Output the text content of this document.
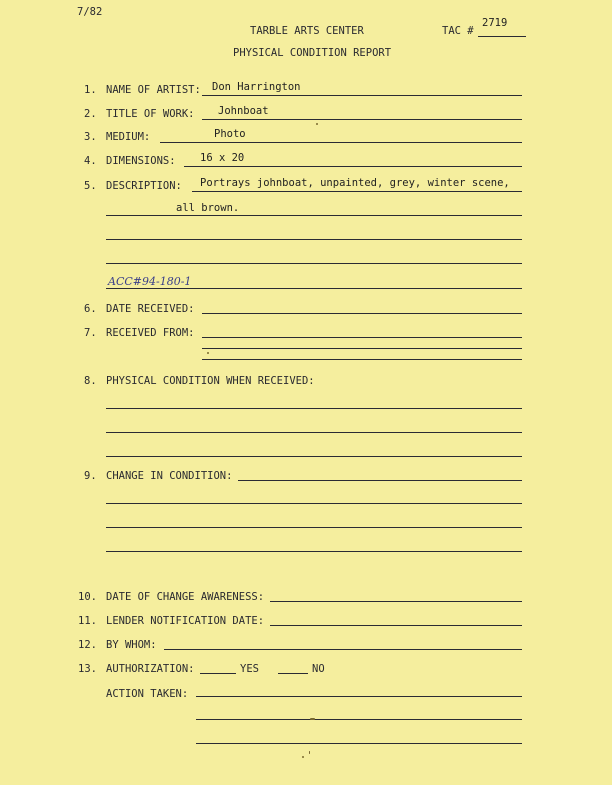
7/82
TARBLE ARTS CENTER	TAC #
2719
PHYSICAL CONDITION REPORT
1. NAME OF ARTIST: Don Harrington
2. TITLE OF WORK: Johnboat
3. MEDIUM:	Photo
4. DIMENSIONS: 16 x 20
5. DESCRIPTION: Portrays johnboat, unpainted, grey, winter scene,
all brown.
ACC#94-180-1
6. DATE RECEIVED:
7. RECEIVED FROM:
8. PHYSICAL CONDITION WHEN RECEIVED:
9. CHANGE IN CONDITION:
10. DATE OF CHANGE AWARENESS:
11. LENDER NOTIFICATION DATE:
12. BY WHOM:
13. AUTHORIZATION:	YES	NO
ACTION TAKEN:
